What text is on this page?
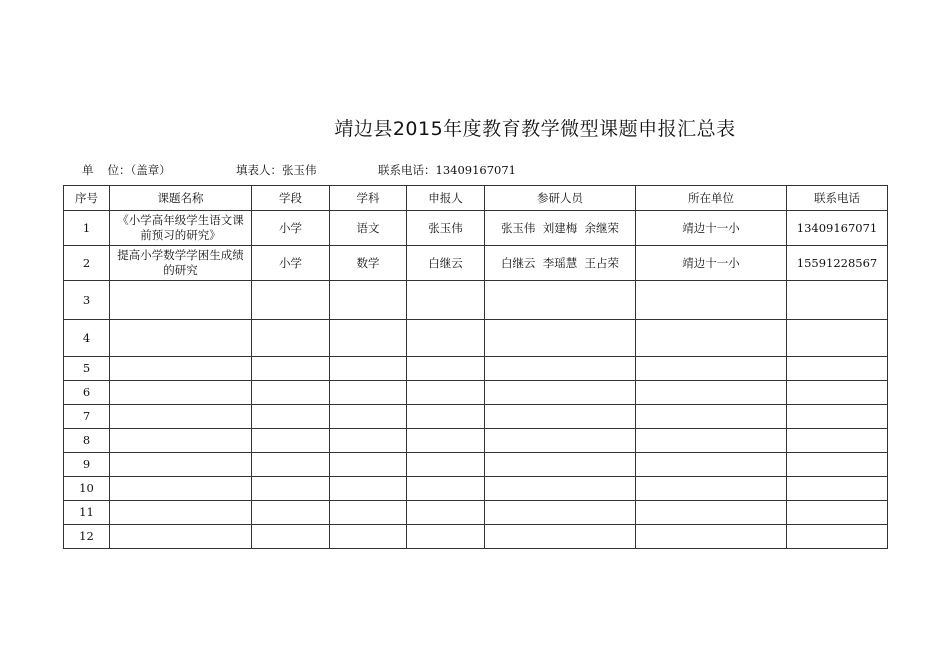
靖边县2015年度教育教学微型课题申报汇总表
单 位：（盖章）	填表人：张玉伟	联系电话：13409167071
序号	课题名称	学段	学科	申报人	参研人员	所在单位	联系电话
1	《小学高年级学生语文课前预习的研究》	小学	语文	张玉伟	张玉伟  刘建梅  余继荣	靖边十一小	13409167071
2	提高小学数学学困生成绩的研究	小学	数学	白继云	白继云  李瑶慧  王占荣	靖边十一小	15591228567
3							
4							
5							
6							
7							
8							
9							
10							
11							
12							
